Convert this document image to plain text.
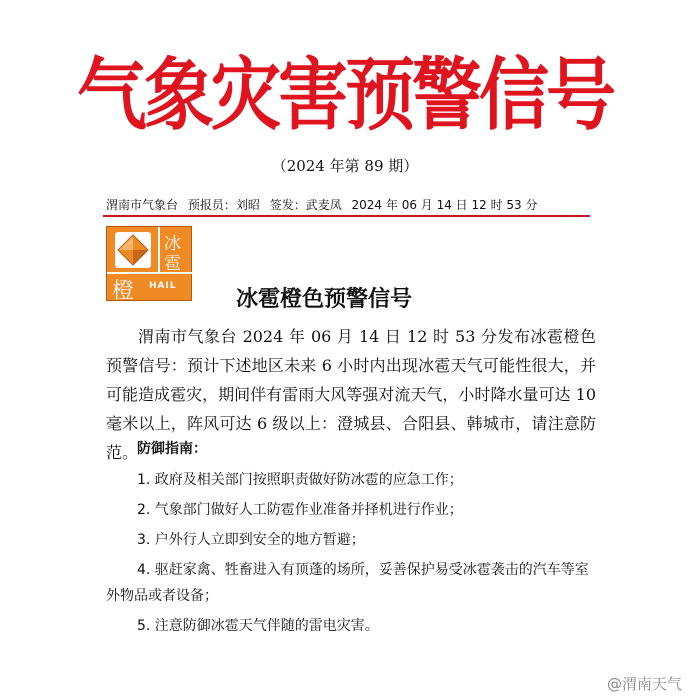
气象灾害预警信号
（2024 年第 89 期）
渭南市气象台 预报员：刘昭 签发：武麦凤 2024 年 06 月 14 日 12 时 53 分
冰
雹
橙 HAIL
冰雹橙色预警信号

渭南市气象台 2024 年 06 月 14 日 12 时 53 分发布冰雹橙色预警信号：预计下述地区未来 6 小时内出现冰雹天气可能性很大，并可能造成雹灾，期间伴有雷雨大风等强对流天气，小时降水量可达 10 毫米以上，阵风可达 6 级以上：澄城县、合阳县、韩城市，请注意防范。

防御指南：
1. 政府及相关部门按照职责做好防冰雹的应急工作；
2. 气象部门做好人工防雹作业准备并择机进行作业；
3. 户外行人立即到安全的地方暂避；
4. 驱赶家禽、牲畜进入有顶蓬的场所，妥善保护易受冰雹袭击的汽车等室外物品或者设备；
5. 注意防御冰雹天气伴随的雷电灾害。
@渭南天气
